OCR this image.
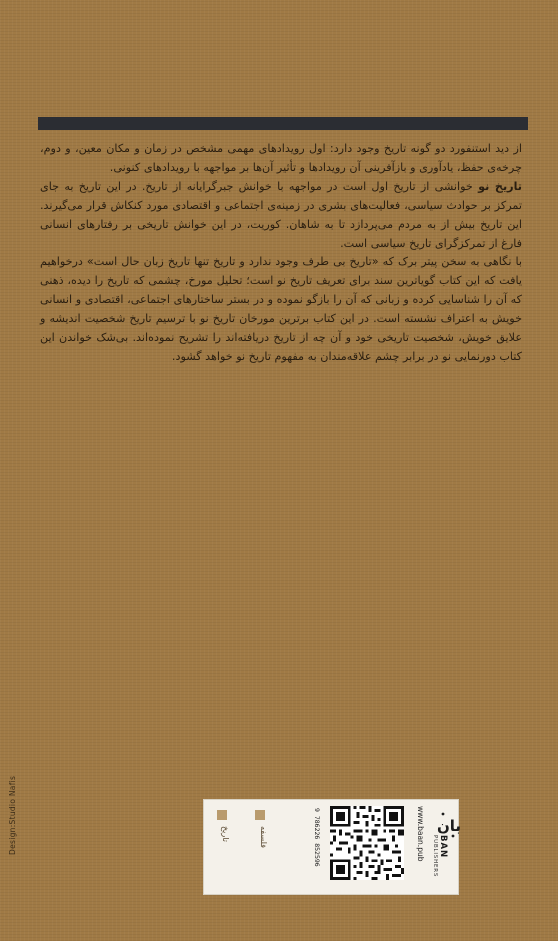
از دید استنفورد دو گونه تاریخ وجود دارد: اول رویدادهای مهمی مشخص در زمان و مکان معین، و دوم، چرخه‌ی حفظ، یادآوری و بازآفرینی آن رویدادها و تأثیر آن‌ها بر مواجهه با رویدادهای کنونی.

تاریخ نو خوانشی از تاریخ اول است در مواجهه با خوانش جبرگرایانه از تاریخ. در این تاریخ به جای تمرکز بر حوادث سیاسی، فعالیت‌های بشری در زمینه‌ی اجتماعی و اقتصادی مورد کنکاش قرار می‌گیرند. این تاریخ بیش از به مردم می‌پردازد تا به شاهان. کوریت، در این خوانش تاریخی بر رفتارهای انسانی فارغ از تمرکزگرای تاریخ سیاسی است.

با نگاهی به سخن پیتر برک که «تاریخ بی طرف وجود ندارد و تاریخ تنها تاریخ زبان حال است» درخواهیم یافت که این کتاب گویاترین سند برای تعریف تاریخ نو است؛ تحلیل مورخ، چشمی که تاریخ را دیده، ذهنی که آن را شناسایی کرده و زبانی که آن را بازگو نموده و در بستر ساختارهای اجتماعی، اقتصادی و انسانی خویش به اعتراف نشسته است. در این کتاب برترین مورخان تاریخ نو با ترسیم تاریخ شخصیت اندیشه و علایق خویش، شخصیت تاریخی خود و آن چه از تاریخ دریافته‌اند را تشریح نموده‌اند. بی‌شک خواندن این کتاب دورنمایی نو در برابر چشم علاقه‌مندان به مفهوم تاریخ نو خواهد گشود.

Design:Studio Nafis	تاریخ	فلسفه	9 786226 852596	www.baan.pub بان
BAN
PUBLISHERS
